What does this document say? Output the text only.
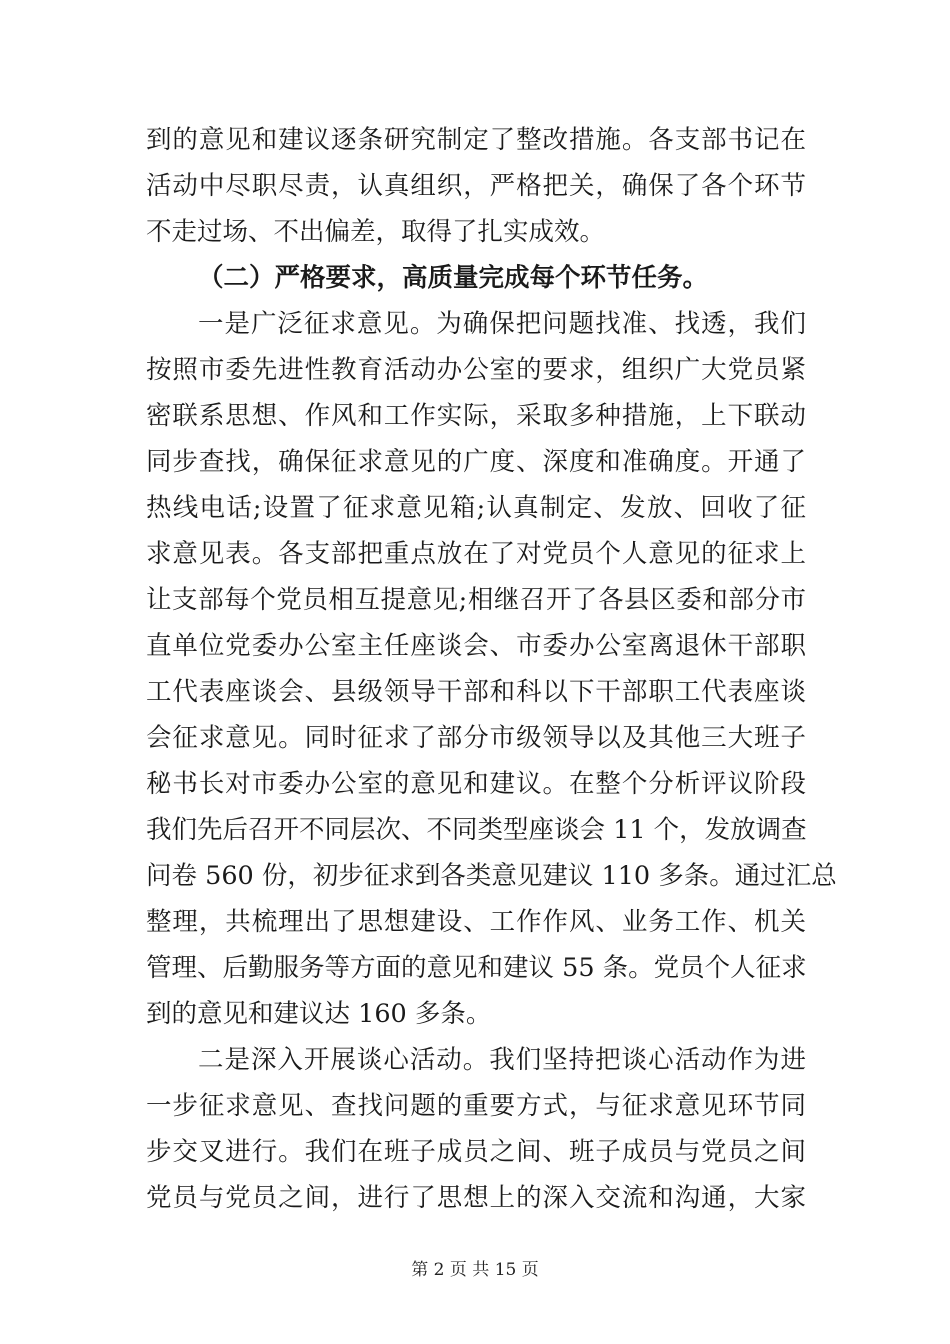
到的意见和建议逐条研究制定了整改措施。各支部书记在
活动中尽职尽责，认真组织，严格把关，确保了各个环节
不走过场、不出偏差，取得了扎实成效。
（二）严格要求，高质量完成每个环节任务。
一是广泛征求意见。为确保把问题找准、找透，我们
按照市委先进性教育活动办公室的要求，组织广大党员紧
密联系思想、作风和工作实际，采取多种措施，上下联动
同步查找，确保征求意见的广度、深度和准确度。开通了
热线电话;设置了征求意见箱;认真制定、发放、回收了征
求意见表。各支部把重点放在了对党员个人意见的征求上
让支部每个党员相互提意见;相继召开了各县区委和部分市
直单位党委办公室主任座谈会、市委办公室离退休干部职
工代表座谈会、县级领导干部和科以下干部职工代表座谈
会征求意见。同时征求了部分市级领导以及其他三大班子
秘书长对市委办公室的意见和建议。在整个分析评议阶段
我们先后召开不同层次、不同类型座谈会 11 个，发放调查
问卷 560 份，初步征求到各类意见建议 110 多条。通过汇总
整理，共梳理出了思想建设、工作作风、业务工作、机关
管理、后勤服务等方面的意见和建议 55 条。党员个人征求
到的意见和建议达 160 多条。
二是深入开展谈心活动。我们坚持把谈心活动作为进
一步征求意见、查找问题的重要方式，与征求意见环节同
步交叉进行。我们在班子成员之间、班子成员与党员之间
党员与党员之间，进行了思想上的深入交流和沟通，大家
第 2 页 共 15 页
